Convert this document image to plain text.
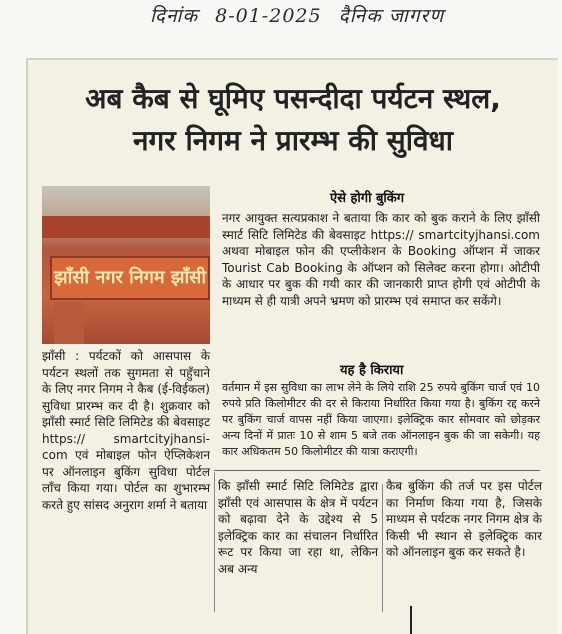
दिनांक 8-01-2025 दैनिक जागरण
अब कैब से घूमिए पसन्दीदा पर्यटन स्थल,
नगर निगम ने प्रारम्भ की सुविधा
झाँसी नगर निगम झाँसी
ऐसे होगी बुकिंग
नगर आयुक्त सत्यप्रकाश ने बताया कि कार को बुक कराने के लिए झाँसी स्मार्ट सिटि लिमिटेड की बेवसाइट https:// smartcityjhansi.com अथवा मोबाइल फोन की एप्लीकेशन के Booking ऑप्शन में जाकर Tourist Cab Booking के ऑप्शन को सिलेक्ट करना होगा। ओटीपी के आधार पर बुक की गयी कार की जानकारी प्राप्त होगी एवं ओटीपी के माध्यम से ही यात्री अपने भ्रमण को प्रारम्भ एवं समाप्त कर सकेंगे।
यह है किराया
वर्तमान में इस सुविधा का लाभ लेने के लिये राशि 25 रुपये बुकिंग चार्ज एवं 10 रुपये प्रति किलोमीटर की दर से किराया निर्धारित किया गया है। बुकिंग रद्द करने पर बुकिंग चार्ज वापस नहीं किया जाएगा। इलेक्ट्रिक कार सोमवार को छोड़कर अन्य दिनों में प्रातः 10 से शाम 5 बजे तक ऑनलाइन बुक की जा सकेगी। यह कार अधिकतम 50 किलोमीटर की यात्रा कराएगी।
झाँसी : पर्यटकों को आसपास के पर्यटन स्थलों तक सुगमता से पहुँचाने के लिए नगर निगम ने कैब (ई-विईकल) सुविधा प्रारम्भ कर दी है। शुक्रवार को झाँसी स्मार्ट सिटि लिमिटेड की बेवसाइट https:// smartcityjhansi-com एवं मोबाइल फोन ऐप्लिकेशन पर ऑनलाइन बुकिंग सुविधा पोर्टल लाँच किया गया। पोर्टल का शुभारम्भ करते हुए सांसद अनुराग शर्मा ने बताया
कि झाँसी स्मार्ट सिटि लिमिटेड द्वारा झाँसी एवं आसपास के क्षेत्र में पर्यटन को बढ़ावा देने के उद्देश्य से 5 इलेक्ट्रिक कार का संचालन निर्धारित रूट पर किया जा रहा था, लेकिन अब अन्य
कैब बुकिंग की तर्ज पर इस पोर्टल का निर्माण किया गया है, जिसके माध्यम से पर्यटक नगर निगम क्षेत्र के किसी भी स्थान से इलेक्ट्रिक कार को ऑनलाइन बुक कर सकते है।
